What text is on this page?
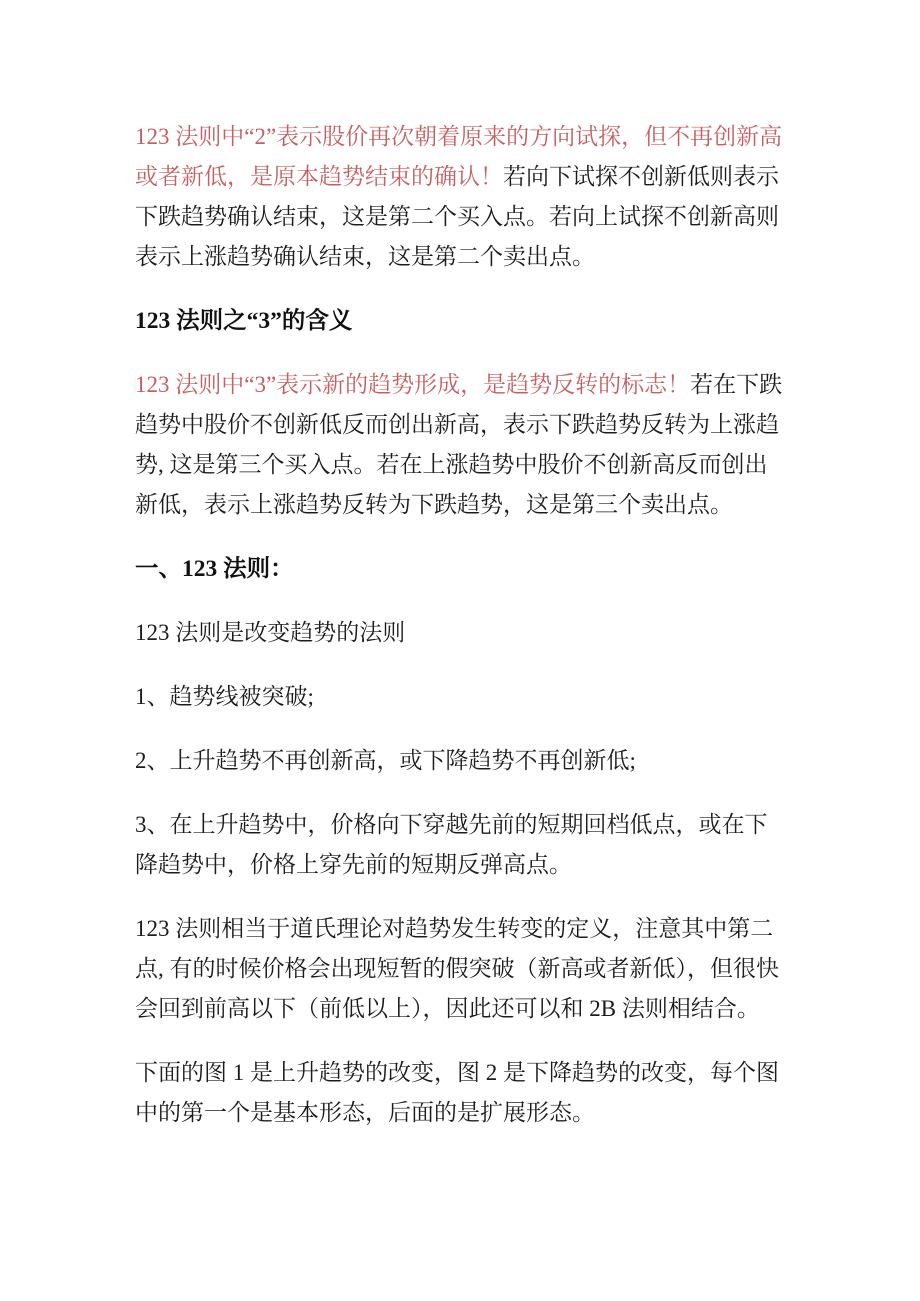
123 法则中“2”表示股价再次朝着原来的方向试探，但不再创新高或者新低，是原本趋势结束的确认！若向下试探不创新低则表示下跌趋势确认结束，这是第二个买入点。若向上试探不创新高则表示上涨趋势确认结束，这是第二个卖出点。

123 法则之“3”的含义

123 法则中“3”表示新的趋势形成，是趋势反转的标志！若在下跌趋势中股价不创新低反而创出新高，表示下跌趋势反转为上涨趋势, 这是第三个买入点。若在上涨趋势中股价不创新高反而创出新低，表示上涨趋势反转为下跌趋势，这是第三个卖出点。

一、123 法则：

123 法则是改变趋势的法则

1、趋势线被突破;

2、上升趋势不再创新高，或下降趋势不再创新低;

3、在上升趋势中，价格向下穿越先前的短期回档低点，或在下降趋势中，价格上穿先前的短期反弹高点。

123 法则相当于道氏理论对趋势发生转变的定义，注意其中第二点, 有的时候价格会出现短暂的假突破（新高或者新低），但很快会回到前高以下（前低以上），因此还可以和 2B 法则相结合。

下面的图 1 是上升趋势的改变，图 2 是下降趋势的改变，每个图中的第一个是基本形态，后面的是扩展形态。
